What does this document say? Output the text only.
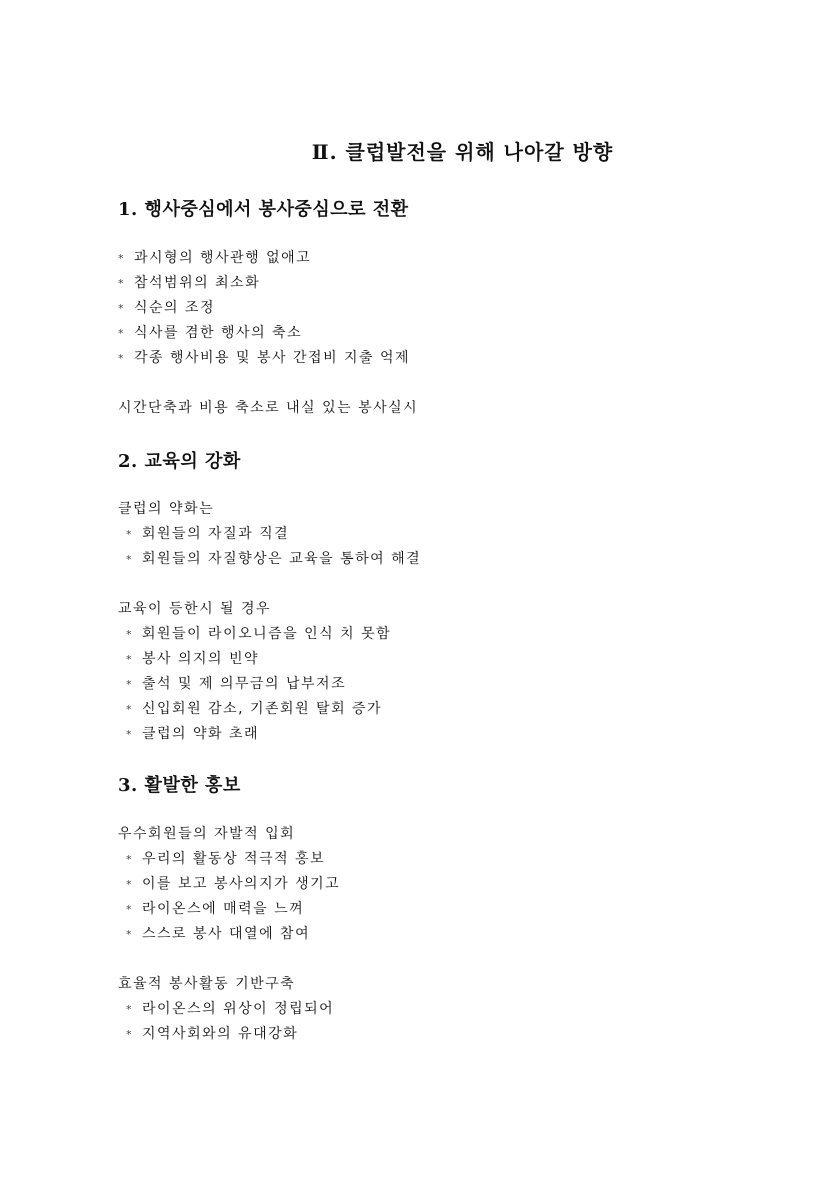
Ⅱ. 클럽발전을 위해 나아갈 방향
1. 행사중심에서 봉사중심으로 전환
* 과시형의 행사관행 없애고
* 참석범위의 최소화
* 식순의 조정
* 식사를 겸한 행사의 축소
* 각종 행사비용 및 봉사 간접비 지출 억제
시간단축과 비용 축소로 내실 있는 봉사실시
2. 교육의 강화
클럽의 약화는
* 회원들의 자질과 직결
* 회원들의 자질향상은 교육을 통하여 해결
교육이 등한시 될 경우
* 회원들이 라이오니즘을 인식 치 못함
* 봉사 의지의 빈약
* 출석 및 제 의무금의 납부저조
* 신입회원 감소, 기존회원 탈회 증가
* 클럽의 약화 초래
3. 활발한 홍보
우수회원들의 자발적 입회
* 우리의 활동상 적극적 홍보
* 이를 보고 봉사의지가 생기고
* 라이온스에 매력을 느껴
* 스스로 봉사 대열에 참여
효율적 봉사활동 기반구축
* 라이온스의 위상이 정립되어
* 지역사회와의 유대강화
